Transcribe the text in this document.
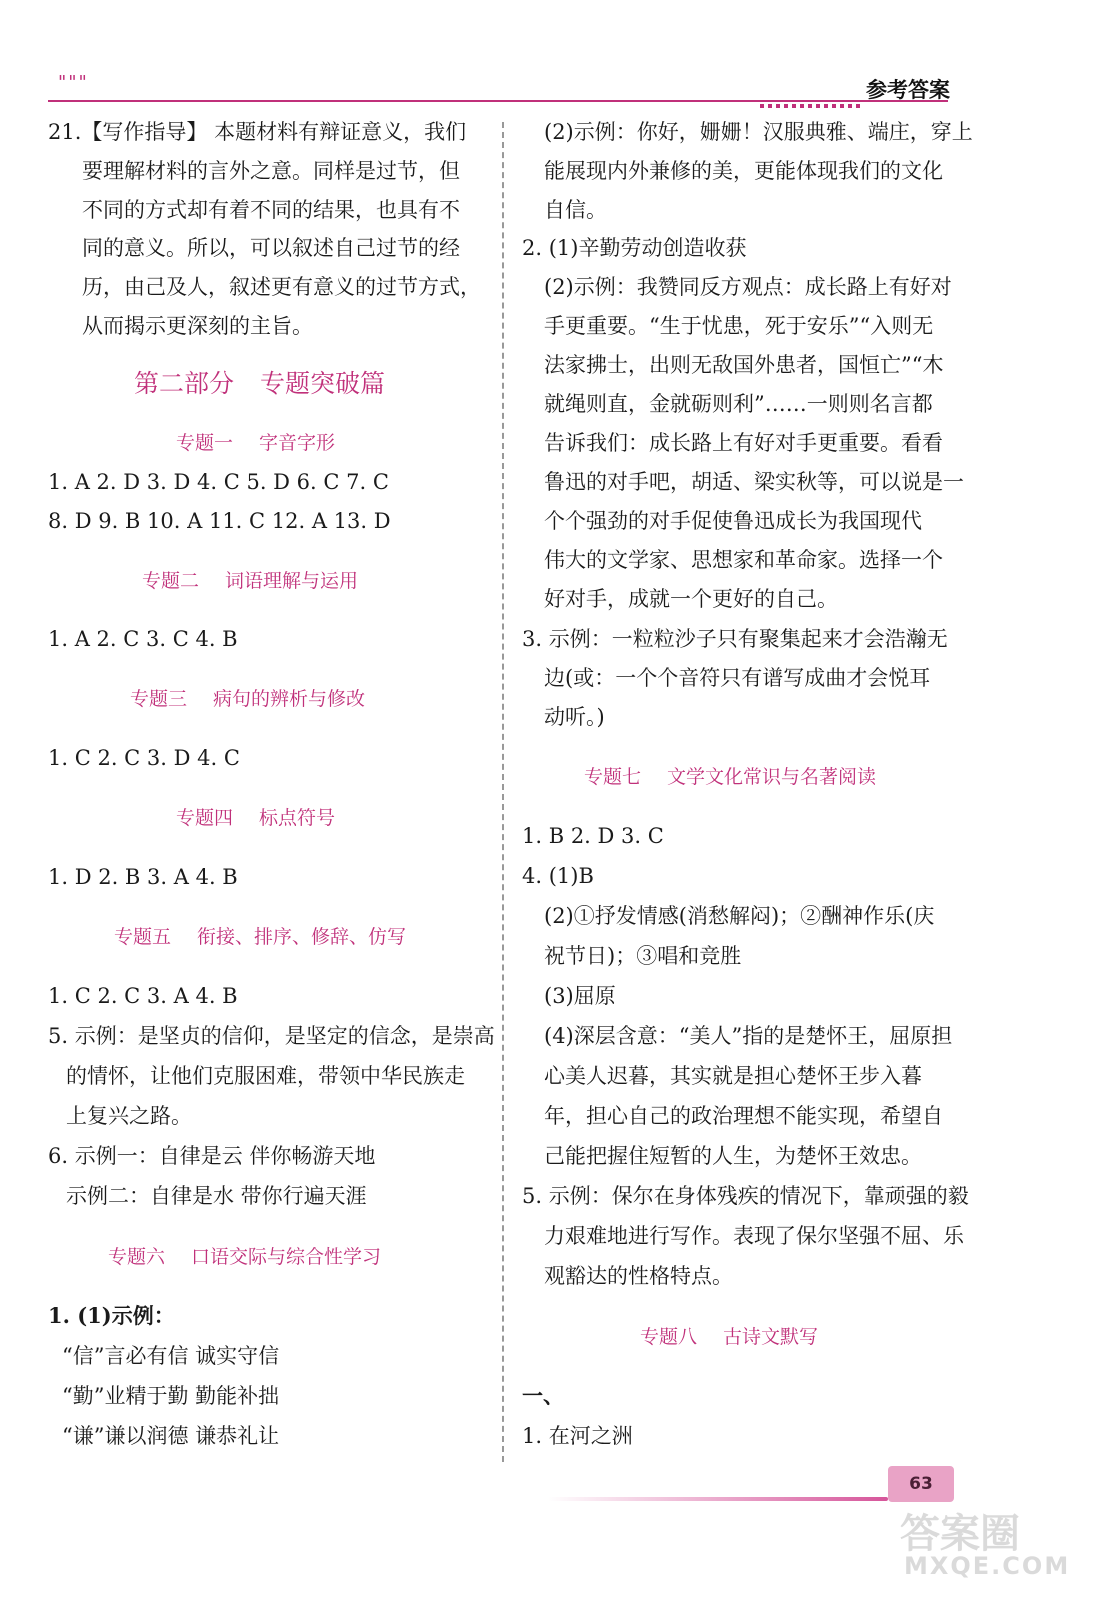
"""	参考答案
21.【写作指导】 本题材料有辩证意义，我们
要理解材料的言外之意。同样是过节，但
不同的方式却有着不同的结果，也具有不
同的意义。所以，可以叙述自己过节的经
历，由己及人，叙述更有意义的过节方式，
从而揭示更深刻的主旨。
第二部分 专题突破篇
专题一 字音字形
1. A 2. D 3. D 4. C 5. D 6. C 7. C
8. D 9. B 10. A 11. C 12. A 13. D
专题二 词语理解与运用
1. A 2. C 3. C 4. B
专题三 病句的辨析与修改
1. C 2. C 3. D 4. C
专题四 标点符号
1. D 2. B 3. A 4. B
专题五 衔接、排序、修辞、仿写
1. C 2. C 3. A 4. B
5. 示例：是坚贞的信仰，是坚定的信念，是崇高
的情怀，让他们克服困难，带领中华民族走
上复兴之路。
6. 示例一：自律是云 伴你畅游天地
示例二：自律是水 带你行遍天涯
专题六 口语交际与综合性学习
1. (1)示例：
“信”言必有信 诚实守信
“勤”业精于勤 勤能补拙
“谦”谦以润德 谦恭礼让
(2)示例：你好，姗姗！汉服典雅、端庄，穿上
能展现内外兼修的美，更能体现我们的文化
自信。
2. (1)辛勤劳动创造收获
(2)示例：我赞同反方观点：成长路上有好对
手更重要。“生于忧患，死于安乐”“入则无
法家拂士，出则无敌国外患者，国恒亡”“木
就绳则直，金就砺则利”……一则则名言都
告诉我们：成长路上有好对手更重要。看看
鲁迅的对手吧，胡适、梁实秋等，可以说是一
个个强劲的对手促使鲁迅成长为我国现代
伟大的文学家、思想家和革命家。选择一个
好对手，成就一个更好的自己。
3. 示例：一粒粒沙子只有聚集起来才会浩瀚无
边(或：一个个音符只有谱写成曲才会悦耳
动听。)
专题七 文学文化常识与名著阅读
1. B 2. D 3. C
4. (1)B
(2)①抒发情感(消愁解闷)；②酬神作乐(庆
祝节日)；③唱和竞胜
(3)屈原
(4)深层含意：“美人”指的是楚怀王，屈原担
心美人迟暮，其实就是担心楚怀王步入暮
年，担心自己的政治理想不能实现，希望自
己能把握住短暂的人生，为楚怀王效忠。
5. 示例：保尔在身体残疾的情况下，靠顽强的毅
力艰难地进行写作。表现了保尔坚强不屈、乐
观豁达的性格特点。
专题八 古诗文默写
一、
1. 在河之洲
63
答案圈
MXQE.COM
